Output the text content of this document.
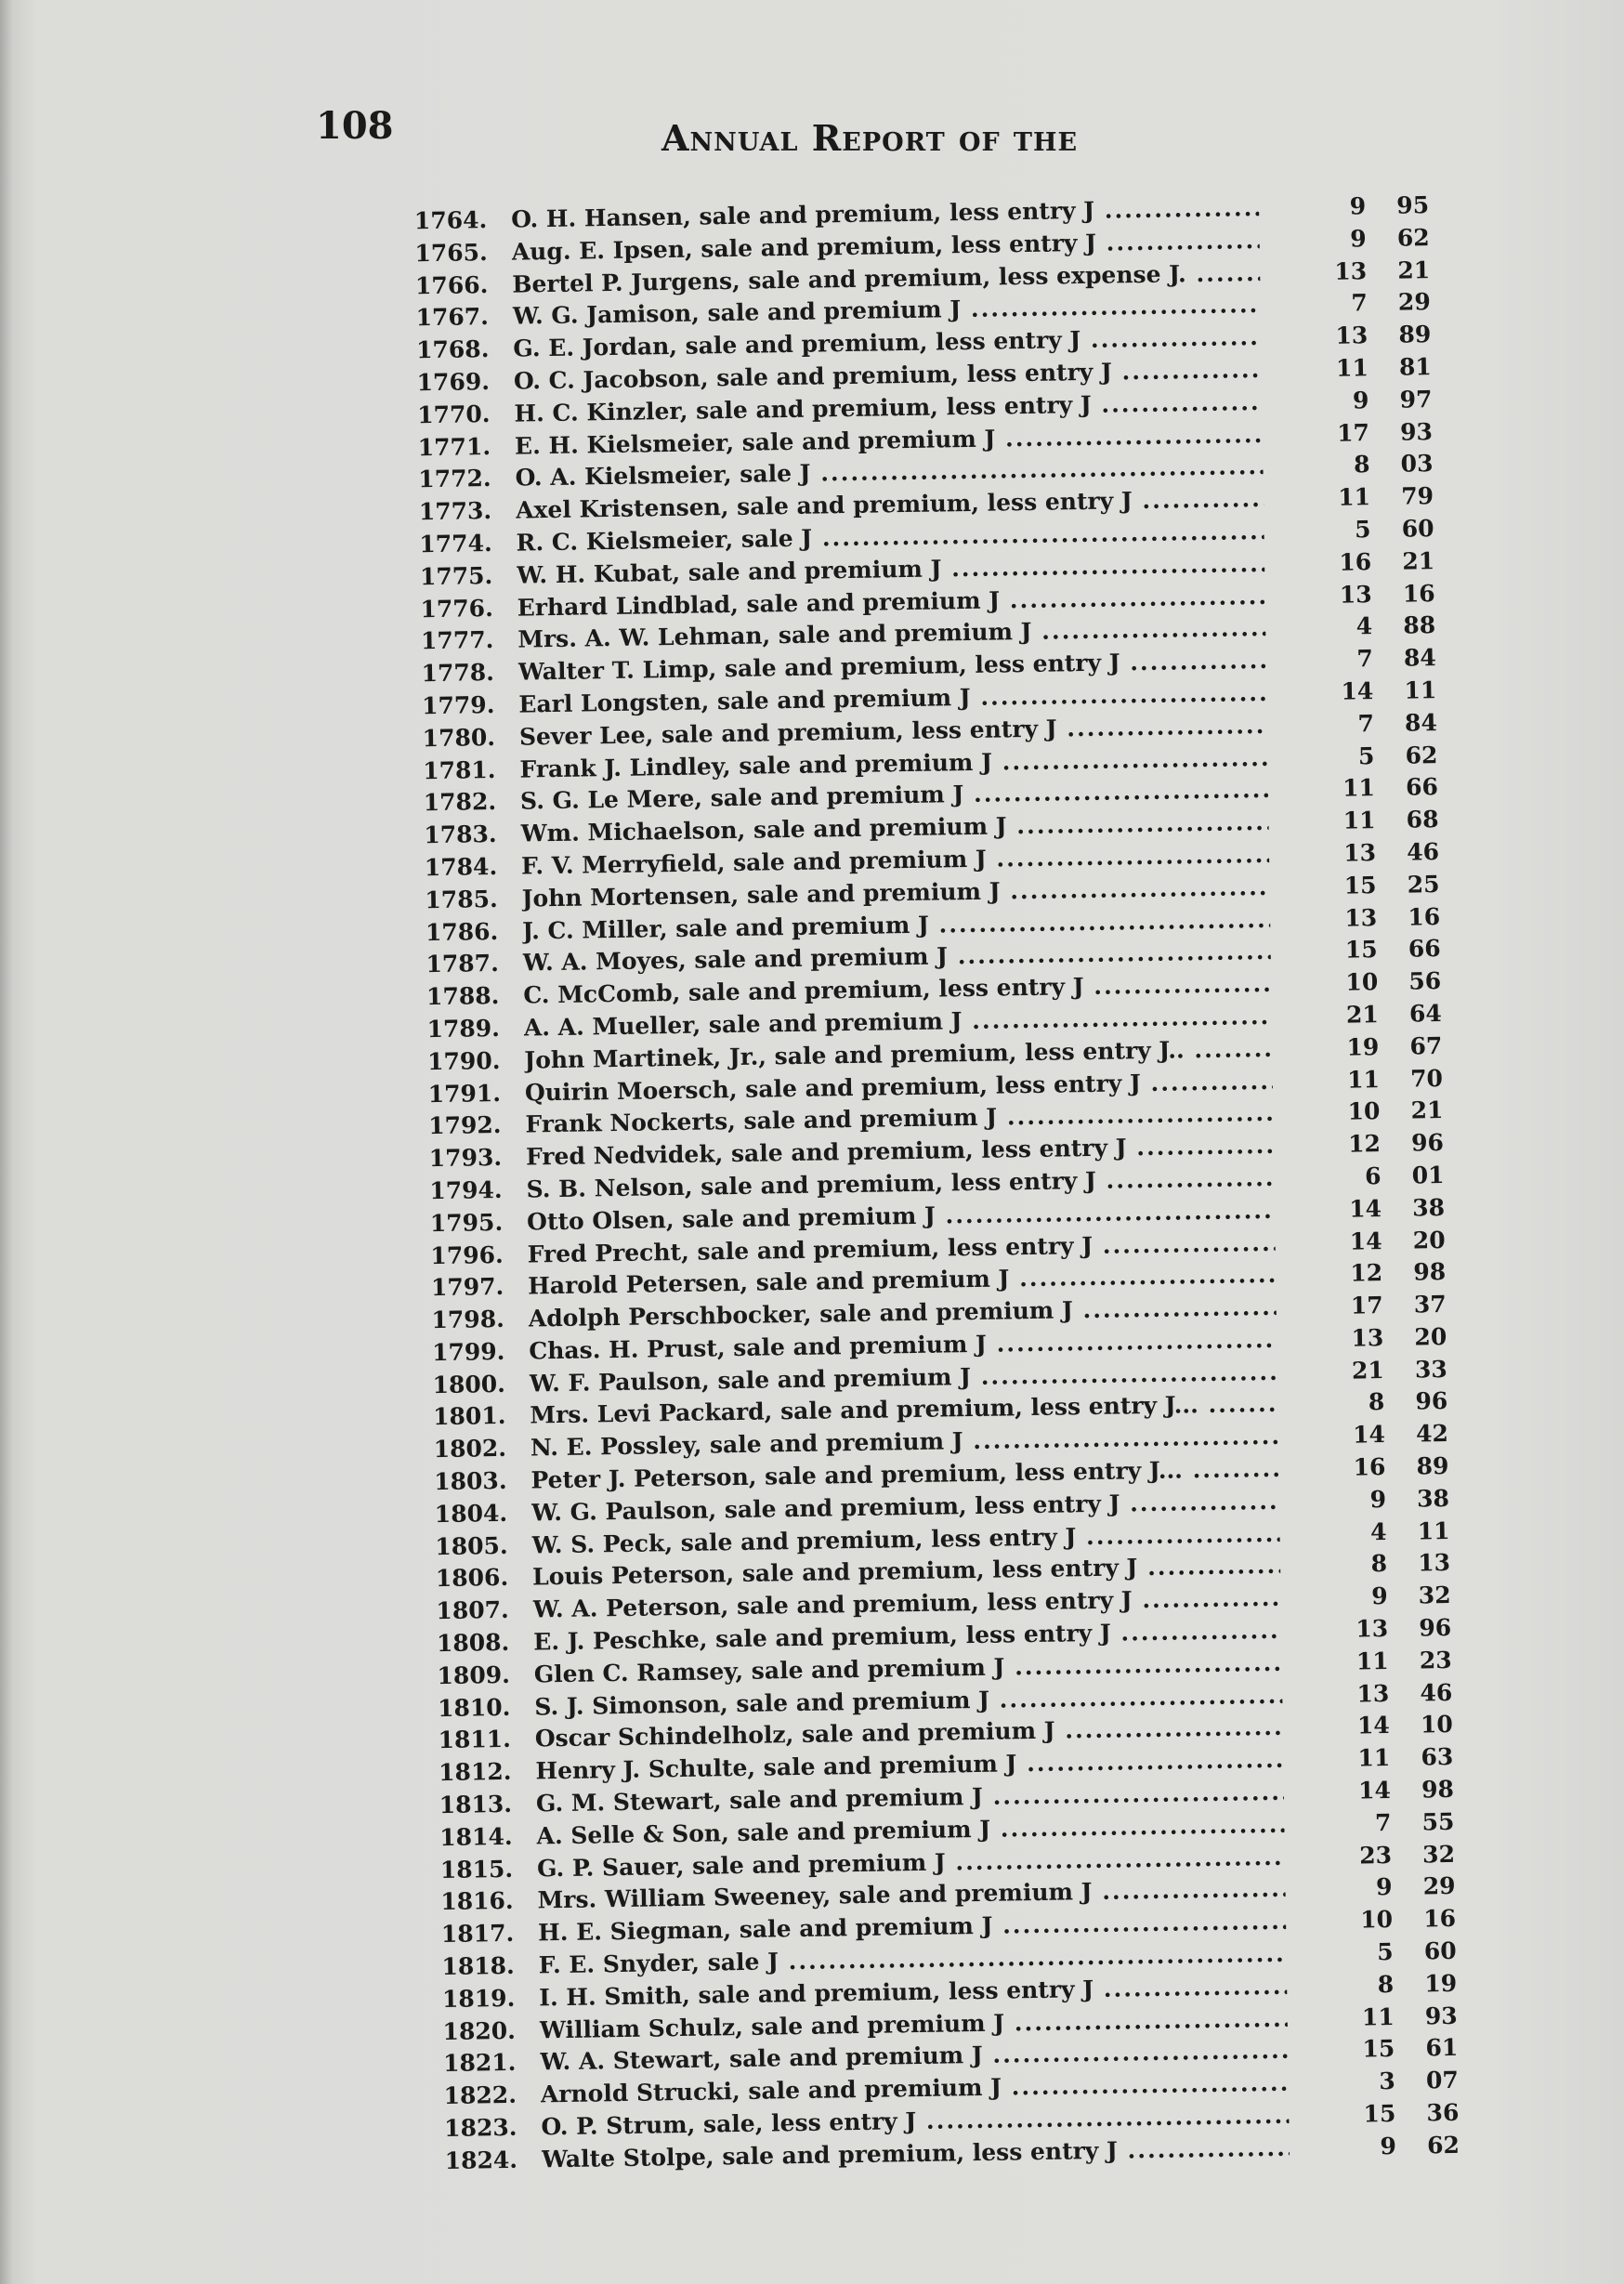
108	Annual Report of the
1764.	O. H. Hansen, sale and premium, less entry J .....	9	95
1765.	Aug. E. Ipsen, sale and premium, less entry J .....	9	62
1766.	Bertel P. Jurgens, sale and premium, less expense J. .....	13	21
1767.	W. G. Jamison, sale and premium J .....	7	29
1768.	G. E. Jordan, sale and premium, less entry J .....	13	89
1769.	O. C. Jacobson, sale and premium, less entry J .....	11	81
1770.	H. C. Kinzler, sale and premium, less entry J .....	9	97
1771.	E. H. Kielsmeier, sale and premium J .....	17	93
1772.	O. A. Kielsmeier, sale J .....	8	03
1773.	Axel Kristensen, sale and premium, less entry J .....	11	79
1774.	R. C. Kielsmeier, sale J .....	5	60
1775.	W. H. Kubat, sale and premium J .....	16	21
1776.	Erhard Lindblad, sale and premium J .....	13	16
1777.	Mrs. A. W. Lehman, sale and premium J .....	4	88
1778.	Walter T. Limp, sale and premium, less entry J .....	7	84
1779.	Earl Longsten, sale and premium J .....	14	11
1780.	Sever Lee, sale and premium, less entry J .....	7	84
1781.	Frank J. Lindley, sale and premium J .....	5	62
1782.	S. G. Le Mere, sale and premium J .....	11	66
1783.	Wm. Michaelson, sale and premium J .....	11	68
1784.	F. V. Merryfield, sale and premium J .....	13	46
1785.	John Mortensen, sale and premium J .....	15	25
1786.	J. C. Miller, sale and premium J .....	13	16
1787.	W. A. Moyes, sale and premium J .....	15	66
1788.	C. McComb, sale and premium, less entry J .....	10	56
1789.	A. A. Mueller, sale and premium J .....	21	64
1790.	John Martinek, Jr., sale and premium, less entry J.. .....	19	67
1791.	Quirin Moersch, sale and premium, less entry J .....	11	70
1792.	Frank Nockerts, sale and premium J .....	10	21
1793.	Fred Nedvidek, sale and premium, less entry J .....	12	96
1794.	S. B. Nelson, sale and premium, less entry J .....	6	01
1795.	Otto Olsen, sale and premium J .....	14	38
1796.	Fred Precht, sale and premium, less entry J .....	14	20
1797.	Harold Petersen, sale and premium J .....	12	98
1798.	Adolph Perschbocker, sale and premium J .....	17	37
1799.	Chas. H. Prust, sale and premium J .....	13	20
1800.	W. F. Paulson, sale and premium J .....	21	33
1801.	Mrs. Levi Packard, sale and premium, less entry J... .....	8	96
1802.	N. E. Possley, sale and premium J .....	14	42
1803.	Peter J. Peterson, sale and premium, less entry J... .....	16	89
1804.	W. G. Paulson, sale and premium, less entry J .....	9	38
1805.	W. S. Peck, sale and premium, less entry J .....	4	11
1806.	Louis Peterson, sale and premium, less entry J .....	8	13
1807.	W. A. Peterson, sale and premium, less entry J .....	9	32
1808.	E. J. Peschke, sale and premium, less entry J .....	13	96
1809.	Glen C. Ramsey, sale and premium J .....	11	23
1810.	S. J. Simonson, sale and premium J .....	13	46
1811.	Oscar Schindelholz, sale and premium J .....	14	10
1812.	Henry J. Schulte, sale and premium J .....	11	63
1813.	G. M. Stewart, sale and premium J .....	14	98
1814.	A. Selle & Son, sale and premium J .....	7	55
1815.	G. P. Sauer, sale and premium J .....	23	32
1816.	Mrs. William Sweeney, sale and premium J .....	9	29
1817.	H. E. Siegman, sale and premium J .....	10	16
1818.	F. E. Snyder, sale J .....	5	60
1819.	I. H. Smith, sale and premium, less entry J .....	8	19
1820.	William Schulz, sale and premium J .....	11	93
1821.	W. A. Stewart, sale and premium J .....	15	61
1822.	Arnold Strucki, sale and premium J .....	3	07
1823.	O. P. Strum, sale, less entry J .....	15	36
1824.	Walte Stolpe, sale and premium, less entry J .....	9	62
